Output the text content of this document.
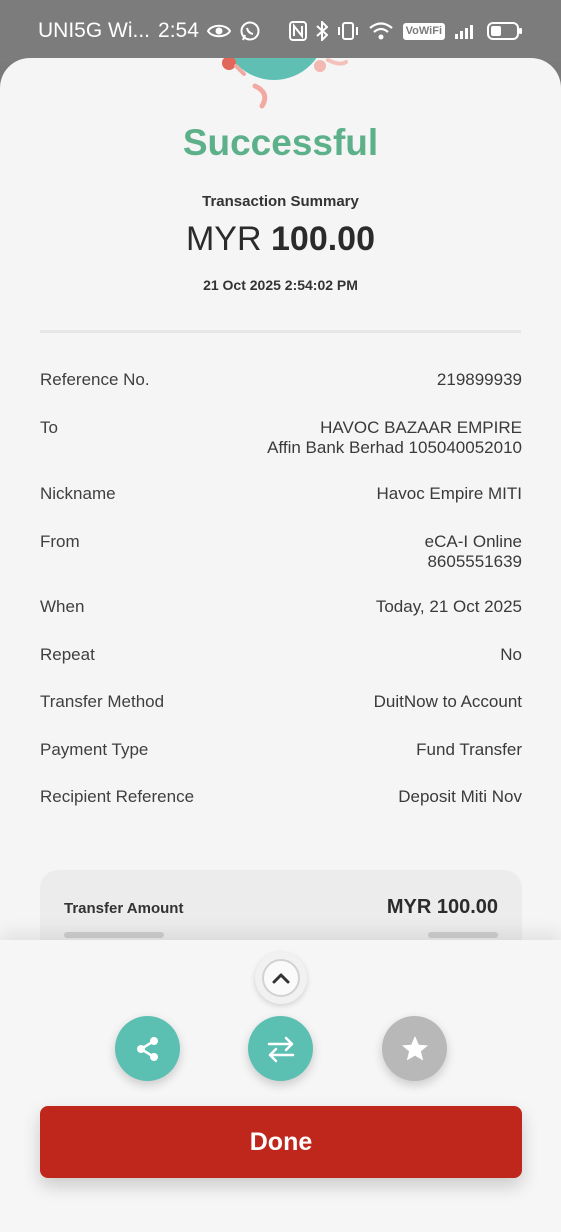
UNI5G Wi... 2:54	VoWiFi
Successful
Transaction Summary
MYR 100.00
21 Oct 2025 2:54:02 PM
Reference No.	219899939
To	HAVOC BAZAAR EMPIRE
Affin Bank Berhad 105040052010
Nickname	Havoc Empire MITI
From	eCA-I Online
8605551639
When	Today, 21 Oct 2025
Repeat	No
Transfer Method	DuitNow to Account
Payment Type	Fund Transfer
Recipient Reference	Deposit Miti Nov
Transfer Amount	MYR 100.00
Done
